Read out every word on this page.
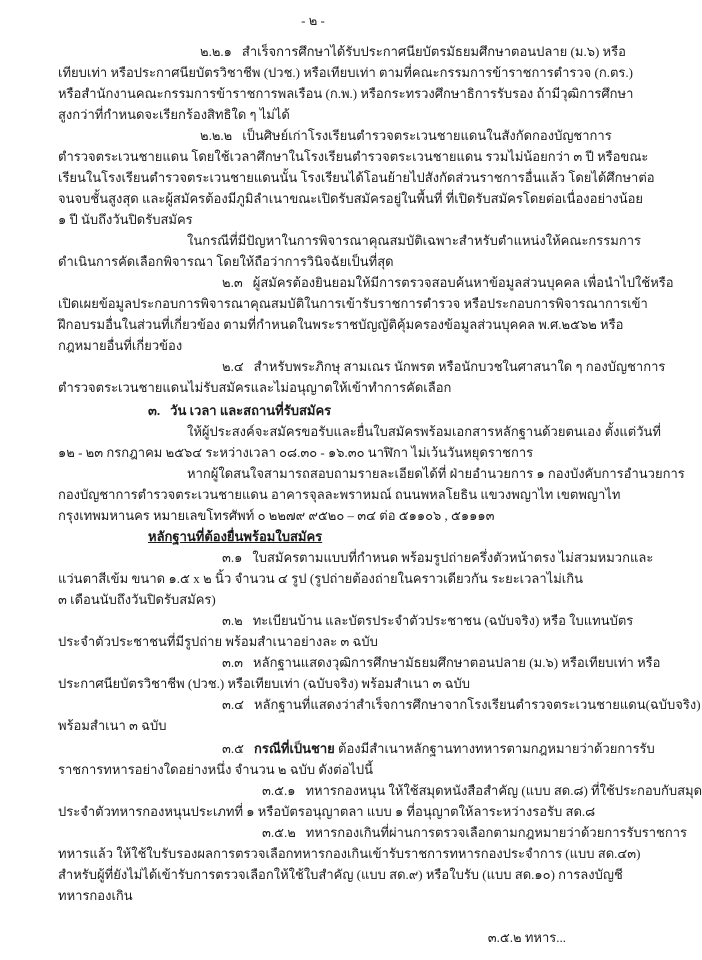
- ๒ -
๒.๒.๑ สำเร็จการศึกษาได้รับประกาศนียบัตรมัธยมศึกษาตอนปลาย (ม.๖) หรือ
เทียบเท่า หรือประกาศนียบัตรวิชาชีพ (ปวช.) หรือเทียบเท่า ตามที่คณะกรรมการข้าราชการตำรวจ (ก.ตร.)
หรือสำนักงานคณะกรรมการข้าราชการพลเรือน (ก.พ.) หรือกระทรวงศึกษาธิการรับรอง ถ้ามีวุฒิการศึกษา
สูงกว่าที่กำหนดจะเรียกร้องสิทธิใด ๆ ไม่ได้
๒.๒.๒ เป็นศิษย์เก่าโรงเรียนตำรวจตระเวนชายแดนในสังกัดกองบัญชาการ
ตำรวจตระเวนชายแดน โดยใช้เวลาศึกษาในโรงเรียนตำรวจตระเวนชายแดน รวมไม่น้อยกว่า ๓ ปี หรือขณะ
เรียนในโรงเรียนตำรวจตระเวนชายแดนนั้น โรงเรียนได้โอนย้ายไปสังกัดส่วนราชการอื่นแล้ว โดยได้ศึกษาต่อ
จนจบชั้นสูงสุด และผู้สมัครต้องมีภูมิลำเนาขณะเปิดรับสมัครอยู่ในพื้นที่ ที่เปิดรับสมัครโดยต่อเนื่องอย่างน้อย
๑ ปี นับถึงวันปิดรับสมัคร
ในกรณีที่มีปัญหาในการพิจารณาคุณสมบัติเฉพาะสำหรับตำแหน่งให้คณะกรรมการ
ดำเนินการคัดเลือกพิจารณา โดยให้ถือว่าการวินิจฉัยเป็นที่สุด
๒.๓ ผู้สมัครต้องยินยอมให้มีการตรวจสอบค้นหาข้อมูลส่วนบุคคล เพื่อนำไปใช้หรือ
เปิดเผยข้อมูลประกอบการพิจารณาคุณสมบัติในการเข้ารับราชการตำรวจ หรือประกอบการพิจารณาการเข้า
ฝึกอบรมอื่นในส่วนที่เกี่ยวข้อง ตามที่กำหนดในพระราชบัญญัติคุ้มครองข้อมูลส่วนบุคคล พ.ศ.๒๕๖๒ หรือ
กฎหมายอื่นที่เกี่ยวข้อง
๒.๔ สำหรับพระภิกษุ สามเณร นักพรต หรือนักบวชในศาสนาใด ๆ กองบัญชาการ
ตำรวจตระเวนชายแดนไม่รับสมัครและไม่อนุญาตให้เข้าทำการคัดเลือก
๓. วัน เวลา และสถานที่รับสมัคร
ให้ผู้ประสงค์จะสมัครขอรับและยื่นใบสมัครพร้อมเอกสารหลักฐานด้วยตนเอง ตั้งแต่วันที่
๑๒ - ๒๓ กรกฎาคม ๒๕๖๔ ระหว่างเวลา ๐๘.๓๐ - ๑๖.๓๐ นาฬิกา ไม่เว้นวันหยุดราชการ
หากผู้ใดสนใจสามารถสอบถามรายละเอียดได้ที่ ฝ่ายอำนวยการ ๑ กองบังคับการอำนวยการ
กองบัญชาการตำรวจตระเวนชายแดน อาคารจุลละพราหมณ์ ถนนพหลโยธิน แขวงพญาไท เขตพญาไท
กรุงเทพมหานคร หมายเลขโทรศัพท์ ๐ ๒๒๗๙ ๙๕๒๐ – ๓๔ ต่อ ๕๑๑๐๖ , ๕๑๑๑๓
หลักฐานที่ต้องยื่นพร้อมใบสมัคร
๓.๑ ใบสมัครตามแบบที่กำหนด พร้อมรูปถ่ายครึ่งตัวหน้าตรง ไม่สวมหมวกและ
แว่นตาสีเข้ม ขนาด ๑.๕ x ๒ นิ้ว จำนวน ๔ รูป (รูปถ่ายต้องถ่ายในคราวเดียวกัน ระยะเวลาไม่เกิน
๓ เดือนนับถึงวันปิดรับสมัคร)
๓.๒ ทะเบียนบ้าน และบัตรประจำตัวประชาชน (ฉบับจริง) หรือ ใบแทนบัตร
ประจำตัวประชาชนที่มีรูปถ่าย พร้อมสำเนาอย่างละ ๓ ฉบับ
๓.๓ หลักฐานแสดงวุฒิการศึกษามัธยมศึกษาตอนปลาย (ม.๖) หรือเทียบเท่า หรือ
ประกาศนียบัตรวิชาชีพ (ปวช.) หรือเทียบเท่า (ฉบับจริง) พร้อมสำเนา ๓ ฉบับ
๓.๔ หลักฐานที่แสดงว่าสำเร็จการศึกษาจากโรงเรียนตำรวจตระเวนชายแดน(ฉบับจริง)
พร้อมสำเนา ๓ ฉบับ
๓.๕ กรณีที่เป็นชาย ต้องมีสำเนาหลักฐานทางทหารตามกฎหมายว่าด้วยการรับ
ราชการทหารอย่างใดอย่างหนึ่ง จำนวน ๒ ฉบับ ดังต่อไปนี้
๓.๕.๑ ทหารกองหนุน ให้ใช้สมุดหนังสือสำคัญ (แบบ สด.๘) ที่ใช้ประกอบกับสมุด
ประจำตัวทหารกองหนุนประเภทที่ ๑ หรือบัตรอนุญาตลา แบบ ๑ ที่อนุญาตให้ลาระหว่างรอรับ สด.๘
๓.๕.๒ ทหารกองเกินที่ผ่านการตรวจเลือกตามกฎหมายว่าด้วยการรับราชการ
ทหารแล้ว ให้ใช้ใบรับรองผลการตรวจเลือกทหารกองเกินเข้ารับราชการทหารกองประจำการ (แบบ สด.๔๓)
สำหรับผู้ที่ยังไม่ได้เข้ารับการตรวจเลือกให้ใช้ใบสำคัญ (แบบ สด.๙) หรือใบรับ (แบบ สด.๑๐) การลงบัญชี
ทหารกองเกิน
๓.๕.๒ ทหาร...
